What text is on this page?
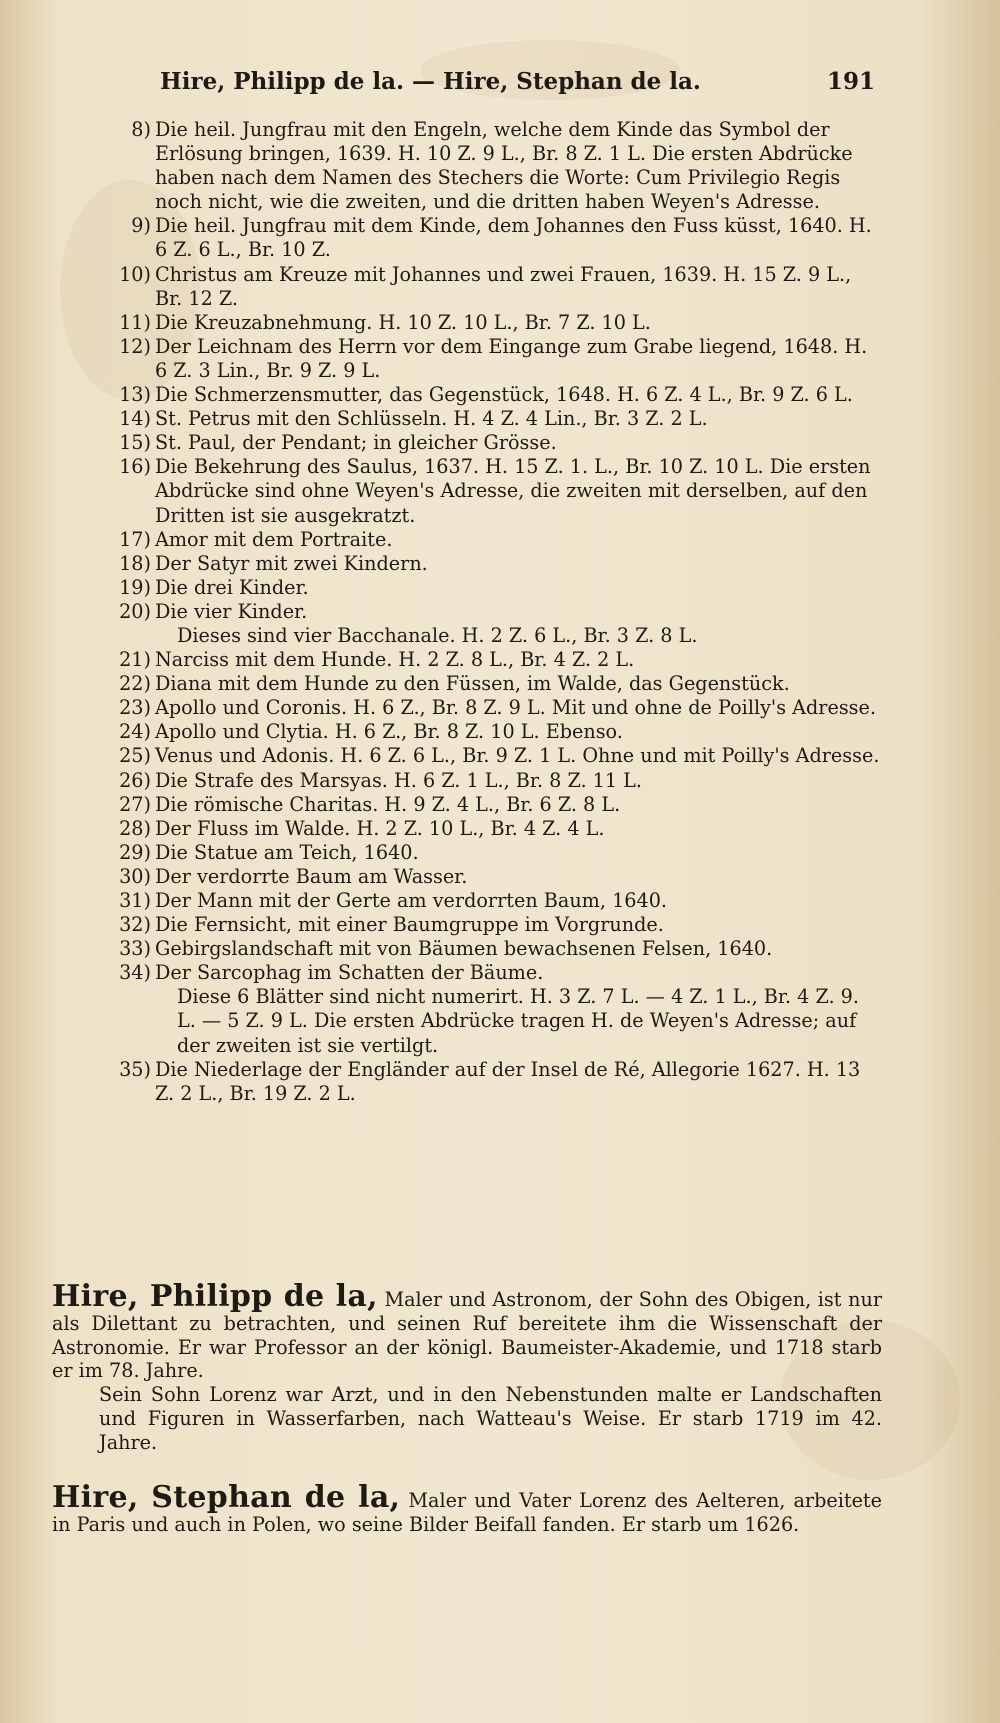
Hire, Philipp de la. — Hire, Stephan de la.	191
8) Die heil. Jungfrau mit den Engeln, welche dem Kinde das Symbol der Erlösung bringen, 1639. H. 10 Z. 9 L., Br. 8 Z. 1 L. Die ersten Abdrücke haben nach dem Namen des Stechers die Worte: Cum Privilegio Regis noch nicht, wie die zweiten, und die dritten haben Weyen's Adresse.
9) Die heil. Jungfrau mit dem Kinde, dem Johannes den Fuss küsst, 1640. H. 6 Z. 6 L., Br. 10 Z.
10) Christus am Kreuze mit Johannes und zwei Frauen, 1639. H. 15 Z. 9 L., Br. 12 Z.
11) Die Kreuzabnehmung. H. 10 Z. 10 L., Br. 7 Z. 10 L.
12) Der Leichnam des Herrn vor dem Eingange zum Grabe liegend, 1648. H. 6 Z. 3 Lin., Br. 9 Z. 9 L.
13) Die Schmerzensmutter, das Gegenstück, 1648. H. 6 Z. 4 L., Br. 9 Z. 6 L.
14) St. Petrus mit den Schlüsseln. H. 4 Z. 4 Lin., Br. 3 Z. 2 L.
15) St. Paul, der Pendant; in gleicher Grösse.
16) Die Bekehrung des Saulus, 1637. H. 15 Z. 1. L., Br. 10 Z. 10 L. Die ersten Abdrücke sind ohne Weyen's Adresse, die zweiten mit derselben, auf den Dritten ist sie ausgekratzt.
17) Amor mit dem Portraite.
18) Der Satyr mit zwei Kindern.
19) Die drei Kinder.
20) Die vier Kinder.
Dieses sind vier Bacchanale. H. 2 Z. 6 L., Br. 3 Z. 8 L.
21) Narciss mit dem Hunde. H. 2 Z. 8 L., Br. 4 Z. 2 L.
22) Diana mit dem Hunde zu den Füssen, im Walde, das Gegenstück.
23) Apollo und Coronis. H. 6 Z., Br. 8 Z. 9 L. Mit und ohne de Poilly's Adresse.
24) Apollo und Clytia. H. 6 Z., Br. 8 Z. 10 L. Ebenso.
25) Venus und Adonis. H. 6 Z. 6 L., Br. 9 Z. 1 L. Ohne und mit Poilly's Adresse.
26) Die Strafe des Marsyas. H. 6 Z. 1 L., Br. 8 Z. 11 L.
27) Die römische Charitas. H. 9 Z. 4 L., Br. 6 Z. 8 L.
28) Der Fluss im Walde. H. 2 Z. 10 L., Br. 4 Z. 4 L.
29) Die Statue am Teich, 1640.
30) Der verdorrte Baum am Wasser.
31) Der Mann mit der Gerte am verdorrten Baum, 1640.
32) Die Fernsicht, mit einer Baumgruppe im Vorgrunde.
33) Gebirgslandschaft mit von Bäumen bewachsenen Felsen, 1640.
34) Der Sarcophag im Schatten der Bäume.
Diese 6 Blätter sind nicht numerirt. H. 3 Z. 7 L. — 4 Z. 1 L., Br. 4 Z. 9. L. — 5 Z. 9 L. Die ersten Abdrücke tragen H. de Weyen's Adresse; auf der zweiten ist sie vertilgt.
35) Die Niederlage der Engländer auf der Insel de Ré, Allegorie 1627. H. 13 Z. 2 L., Br. 19 Z. 2 L.
Hire, Philipp de la, Maler und Astronom, der Sohn des Obigen, ist nur als Dilettant zu betrachten, und seinen Ruf bereitete ihm die Wissenschaft der Astronomie. Er war Professor an der königl. Baumeister-Akademie, und 1718 starb er im 78. Jahre.
Sein Sohn Lorenz war Arzt, und in den Nebenstunden malte er Landschaften und Figuren in Wasserfarben, nach Watteau's Weise. Er starb 1719 im 42. Jahre.
Hire, Stephan de la, Maler und Vater Lorenz des Aelteren, arbeitete in Paris und auch in Polen, wo seine Bilder Beifall fanden. Er starb um 1626.
